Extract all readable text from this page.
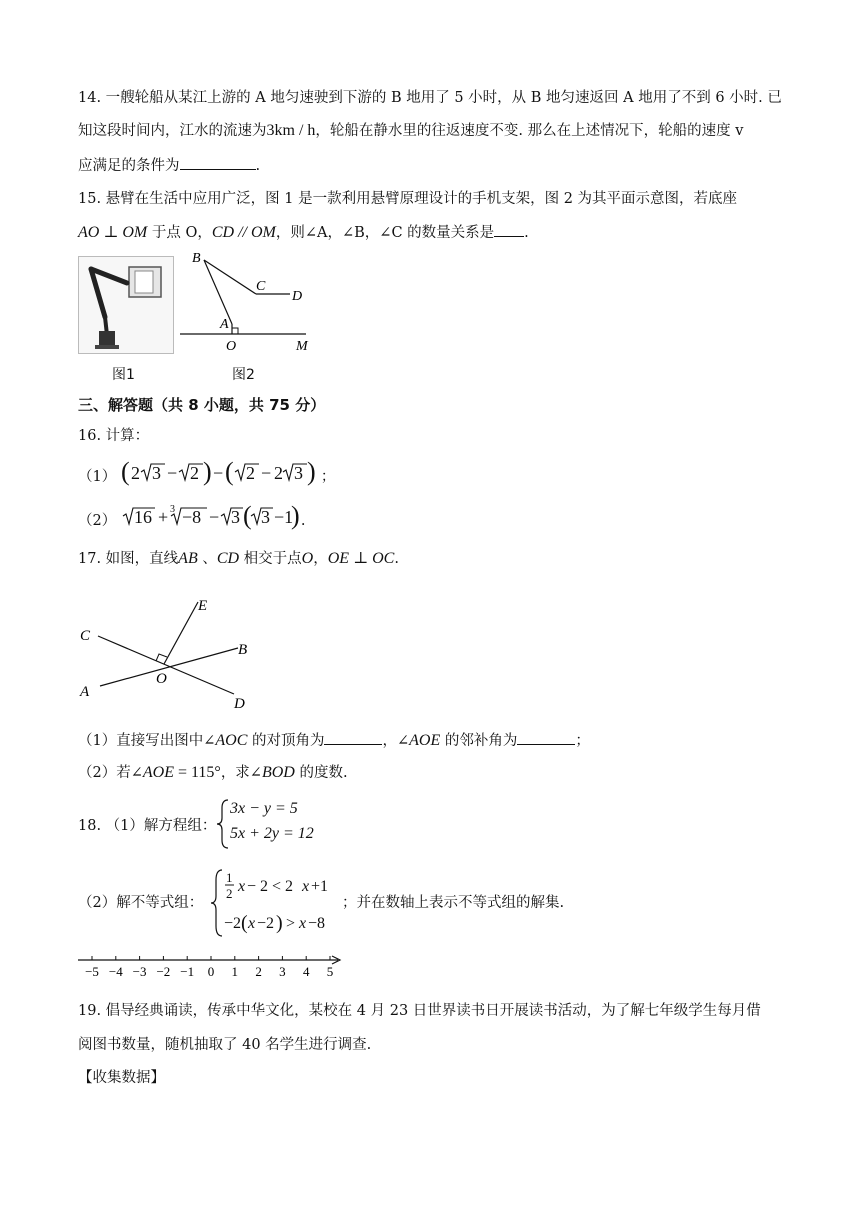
14. 一艘轮船从某江上游的 A 地匀速驶到下游的 B 地用了 5 小时，从 B 地匀速返回 A 地用了不到 6 小时. 已
知这段时间内，江水的流速为3km / h，轮船在静水里的往返速度不变. 那么在上述情况下，轮船的速度 v
应满足的条件为	.
15. 悬臂在生活中应用广泛，图 1 是一款利用悬臂原理设计的手机支架，图 2 为其平面示意图，若底座
AO ⊥ OM 于点 O，CD // OM，则∠A，∠B，∠C 的数量关系是 .
图1
B
C
D
A
O	M
图2
三、解答题（共 8 小题，共 75 分）
16. 计算：
（1） ( 2 3 − 2 ) − ( 2 − 2 3 ) ；
（2） 16 + 3 −8 − 3 ( 3 −1
) .
17. 如图，直线AB 、CD 相交于点O，OE ⊥ OC.
C
E
B
O
A
D
（1）直接写出图中∠AOC 的对顶角为	，∠AOE 的邻补角为	；
（2）若∠AOE = 115°，求∠BOD 的度数.
18. （1）解方程组：
3x − y = 5
5x + 2y = 12
（2）解不等式组：
1
2 x − 2 < 2 x +1
−2 ( x −2 ) > x −8
；并在数轴上表示不等式组的解集.
−5 −4 −3 −2 −1 0 1 2 3 4 5
19. 倡导经典诵读，传承中华文化，某校在 4 月 23 日世界读书日开展读书活动，为了解七年级学生每月借
阅图书数量，随机抽取了 40 名学生进行调查.
【收集数据】
